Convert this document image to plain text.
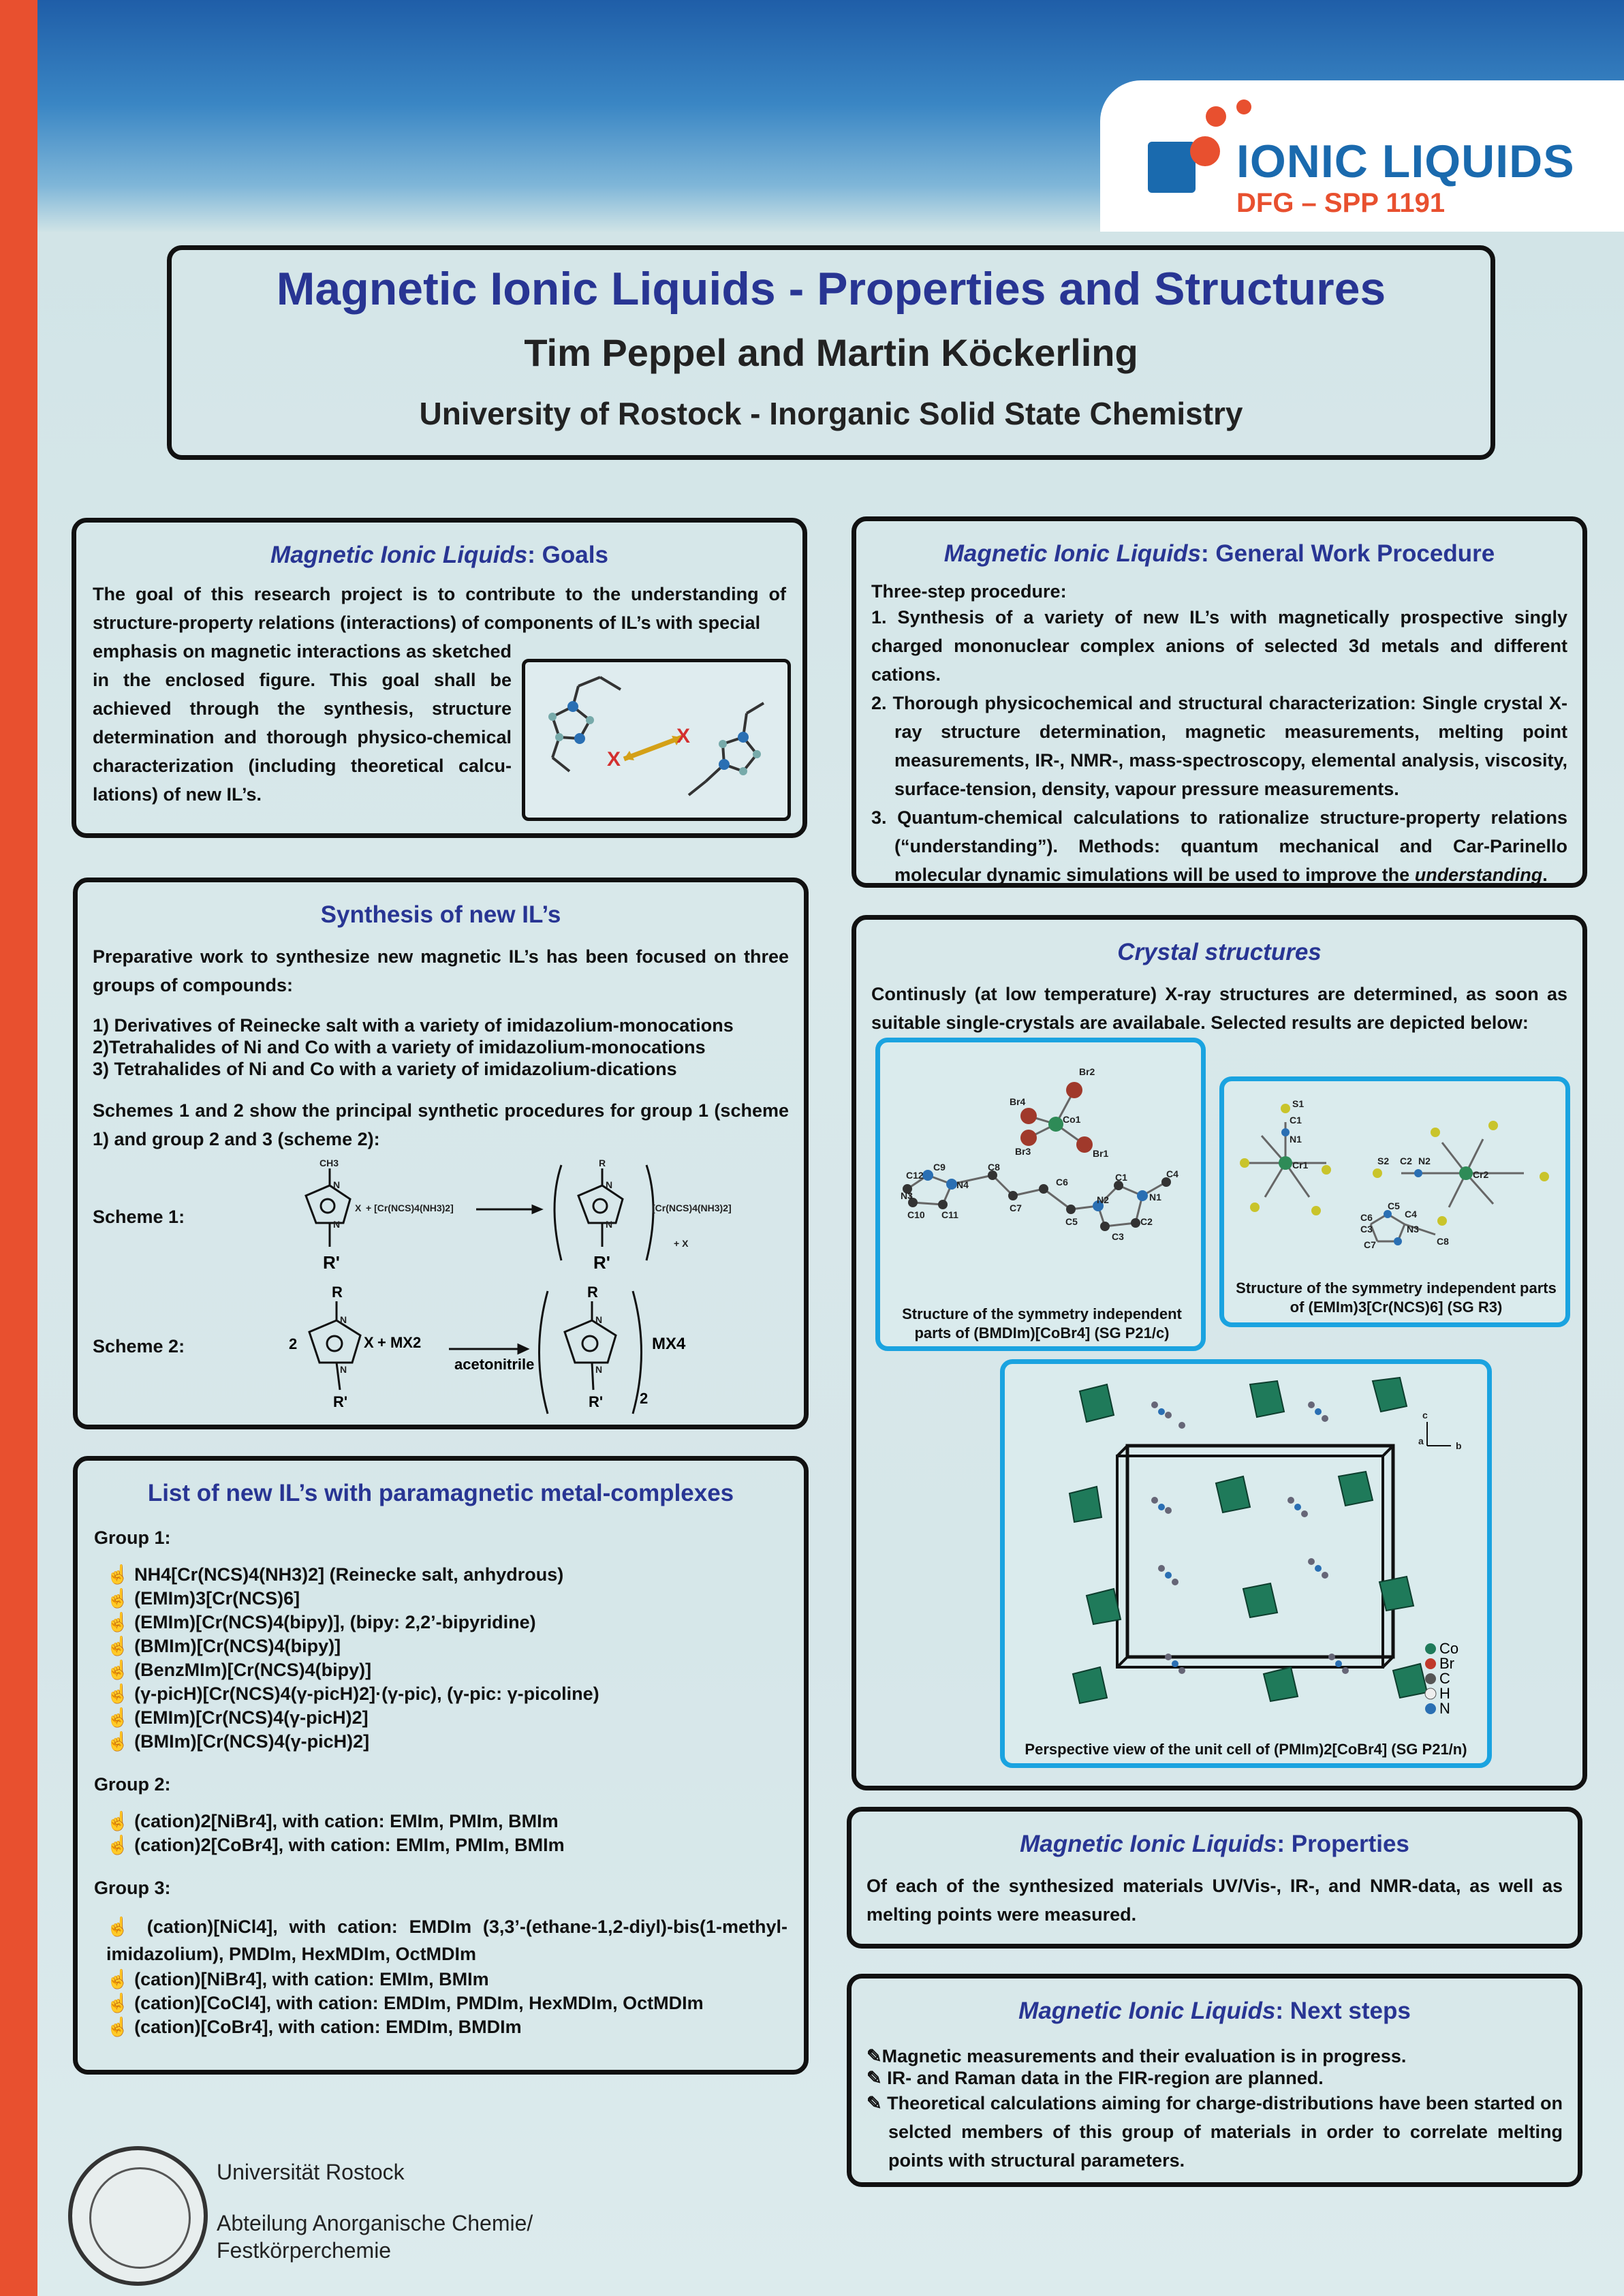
IONIC LIQUIDS
DFG – SPP 1191
Magnetic Ionic Liquids - Properties and Structures
Tim Peppel and Martin Köckerling
University of Rostock - Inorganic Solid State Chemistry
Magnetic Ionic Liquids: Goals
The goal of this research project is to contribute to the understanding of structure-property relations (interactions) of components of IL’s with special
emphasis on magnetic interactions as sketched in the enclosed figure. This goal shall be achieved through the synthesis, structure determination and thorough physico-chemical characterization (including theoretical calcu-lations) of new IL’s.
X
X
Magnetic Ionic Liquids: General Work Procedure
Three-step procedure:
1. Synthesis of a variety of new IL’s with magnetically prospective singly charged mononuclear complex anions of selected 3d metals and different cations.
2. Thorough physicochemical and structural characterization: Single crystal X-ray structure determination, magnetic measurements, melting point measurements, IR-, NMR-, mass-spectroscopy, elemental analysis, viscosity, surface-tension, density, vapour pressure measurements.
3. Quantum-chemical calculations to rationalize structure-property relations (“understanding”). Methods: quantum mechanical and Car-Parinello molecular dynamic simulations will be used to improve the understanding.
Synthesis of new IL’s
Preparative work to synthesize new magnetic IL’s has been focused on three groups of compounds:
1) Derivatives of Reinecke salt with a variety of imidazolium-monocations
2)Tetrahalides of Ni and Co with a variety of imidazolium-monocations
3) Tetrahalides of Ni and Co with a variety of imidazolium-dications
Schemes 1 and 2 show the principal synthetic procedures for group 1 (scheme 1) and group 2 and 3 (scheme 2):
Scheme 1:
Scheme 2:
CH3
N
N
R'
X + [Cr(NCS)4(NH3)2]
R
N
N
R'
[Cr(NCS)4(NH3)2]
+ X
2
R
N
N
R'
X + MX2
acetonitrile
R
N
N
R'
MX4
2
List of new IL’s with paramagnetic metal-complexes
Group 1:
☝ NH4[Cr(NCS)4(NH3)2] (Reinecke salt, anhydrous)
☝ (EMIm)3[Cr(NCS)6]
☝ (EMIm)[Cr(NCS)4(bipy)], (bipy: 2,2’-bipyridine)
☝ (BMIm)[Cr(NCS)4(bipy)]
☝ (BenzMIm)[Cr(NCS)4(bipy)]
☝ (γ-picH)[Cr(NCS)4(γ-picH)2]·(γ-pic), (γ-pic: γ-picoline)
☝ (EMIm)[Cr(NCS)4(γ-picH)2]
☝ (BMIm)[Cr(NCS)4(γ-picH)2]
Group 2:
☝ (cation)2[NiBr4], with cation: EMIm, PMIm, BMIm
☝ (cation)2[CoBr4], with cation: EMIm, PMIm, BMIm
Group 3:
☝ (cation)[NiCl4], with cation: EMDIm (3,3’-(ethane-1,2-diyl)-bis(1-methyl-imidazolium), PMDIm, HexMDIm, OctMDIm
☝ (cation)[NiBr4], with cation: EMIm, BMIm
☝ (cation)[CoCl4], with cation: EMDIm, PMDIm, HexMDIm, OctMDIm
☝ (cation)[CoBr4], with cation: EMDIm, BMDIm
Crystal structures
Continusly (at low temperature) X-ray structures are determined, as soon as suitable single-crystals are availabale. Selected results are depicted below:
Br2
Br4
Co1
Br3	Br1
C12
N3
C9
N4
C8
C10 C11
C7
C6
C5
N2
C1
C2
C3
N1
C4
Structure of the symmetry independent parts of (BMDIm)[CoBr4] (SG P21/c)
S1
C1
N1
Cr1	S2 C2 N2
Cr2
C5
C4
N3
C6
C3
C7	C8
Structure of the symmetry independent parts of (EMIm)3[Cr(NCS)6] (SG R3)
c
a	b
Co
Br
C
H
N
Perspective view of the unit cell of (PMIm)2[CoBr4] (SG P21/n)
Magnetic Ionic Liquids: Properties
Of each of the synthesized materials UV/Vis-, IR-, and NMR-data, as well as melting points were measured.
Magnetic Ionic Liquids: Next steps
✎Magnetic measurements and their evaluation is in progress.
✎ IR- and Raman data in the FIR-region are planned.
✎ Theoretical calculations aiming for charge-distributions have been started on selcted members of this group of materials in order to correlate melting points with structural parameters.
Universität Rostock
Abteilung Anorganische Chemie/
Festkörperchemie
